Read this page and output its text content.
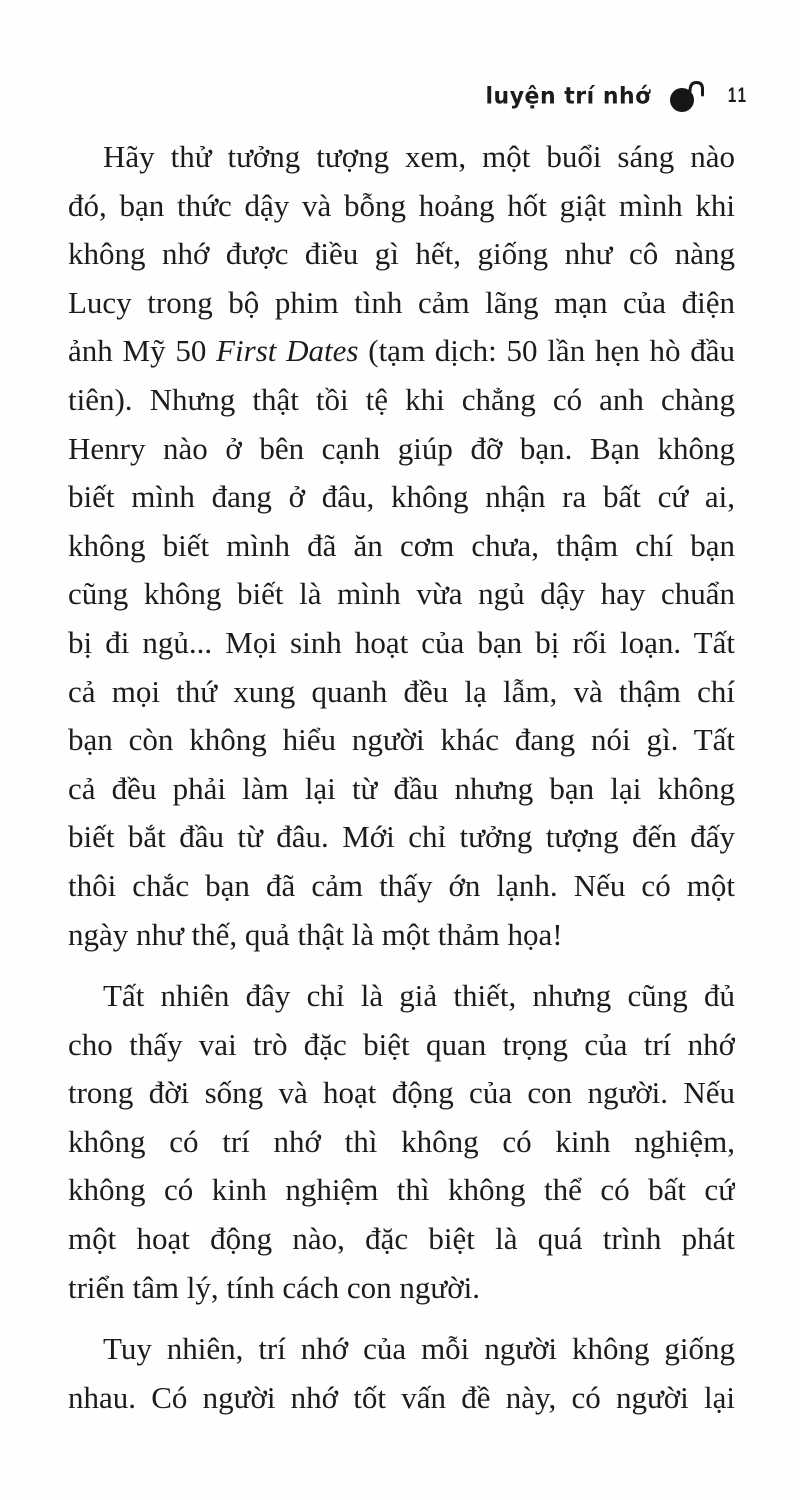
luyện trí nhớ	11
Hãy thử tưởng tượng xem, một buổi sáng nào
đó, bạn thức dậy và bỗng hoảng hốt giật mình khi
không nhớ được điều gì hết, giống như cô nàng
Lucy trong bộ phim tình cảm lãng mạn của điện
ảnh Mỹ 50 First Dates (tạm dịch: 50 lần hẹn hò đầu
tiên). Nhưng thật tồi tệ khi chẳng có anh chàng
Henry nào ở bên cạnh giúp đỡ bạn. Bạn không
biết mình đang ở đâu, không nhận ra bất cứ ai,
không biết mình đã ăn cơm chưa, thậm chí bạn
cũng không biết là mình vừa ngủ dậy hay chuẩn
bị đi ngủ... Mọi sinh hoạt của bạn bị rối loạn. Tất
cả mọi thứ xung quanh đều lạ lẫm, và thậm chí
bạn còn không hiểu người khác đang nói gì. Tất
cả đều phải làm lại từ đầu nhưng bạn lại không
biết bắt đầu từ đâu. Mới chỉ tưởng tượng đến đấy
thôi chắc bạn đã cảm thấy ớn lạnh. Nếu có một
ngày như thế, quả thật là một thảm họa!
Tất nhiên đây chỉ là giả thiết, nhưng cũng đủ
cho thấy vai trò đặc biệt quan trọng của trí nhớ
trong đời sống và hoạt động của con người. Nếu
không có trí nhớ thì không có kinh nghiệm,
không có kinh nghiệm thì không thể có bất cứ
một hoạt động nào, đặc biệt là quá trình phát
triển tâm lý, tính cách con người.
Tuy nhiên, trí nhớ của mỗi người không giống
nhau. Có người nhớ tốt vấn đề này, có người lại
